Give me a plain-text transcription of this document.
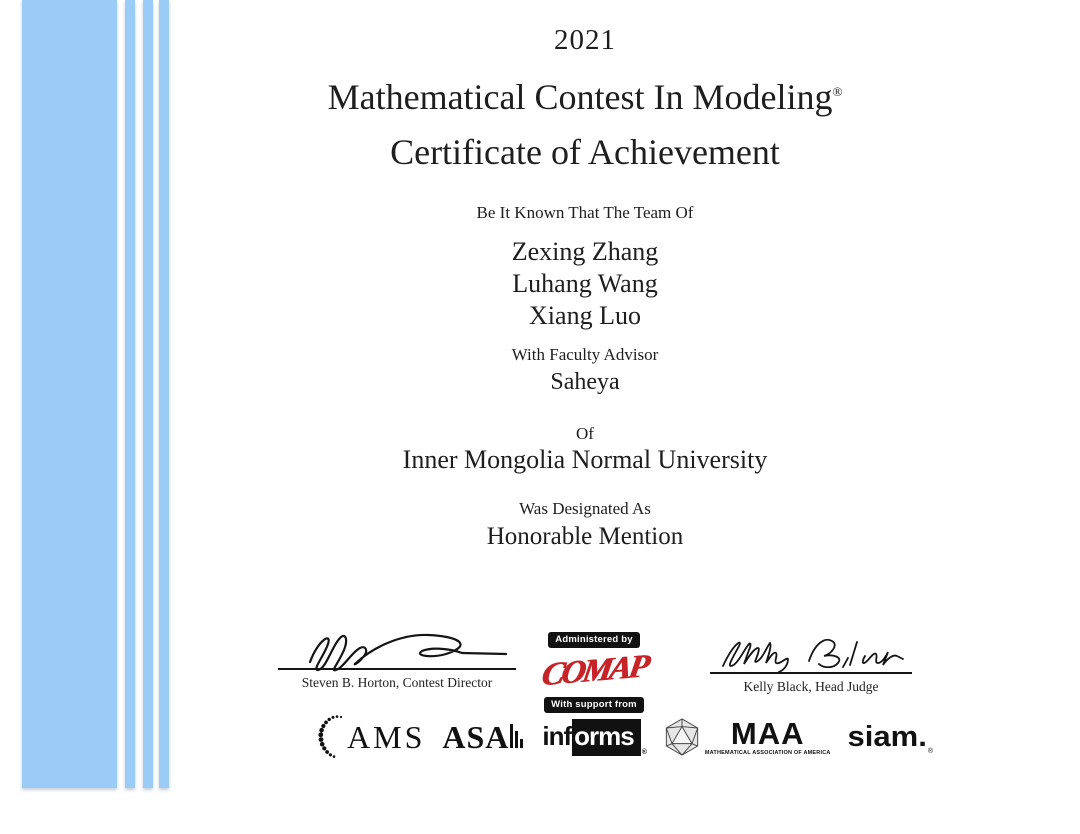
2021
Mathematical Contest In Modeling®
Certificate of Achievement
Be It Known That The Team Of
Zexing Zhang
Luhang Wang
Xiang Luo
With Faculty Advisor
Saheya
Of
Inner Mongolia Normal University
Was Designated As
Honorable Mention
Steven B. Horton, Contest Director
Administered by
COMAP
With support from
Kelly Black, Head Judge
AMS ASA inf orms
®
MAA
MATHEMATICAL ASSOCIATION OF AMERICA
siam. ®
